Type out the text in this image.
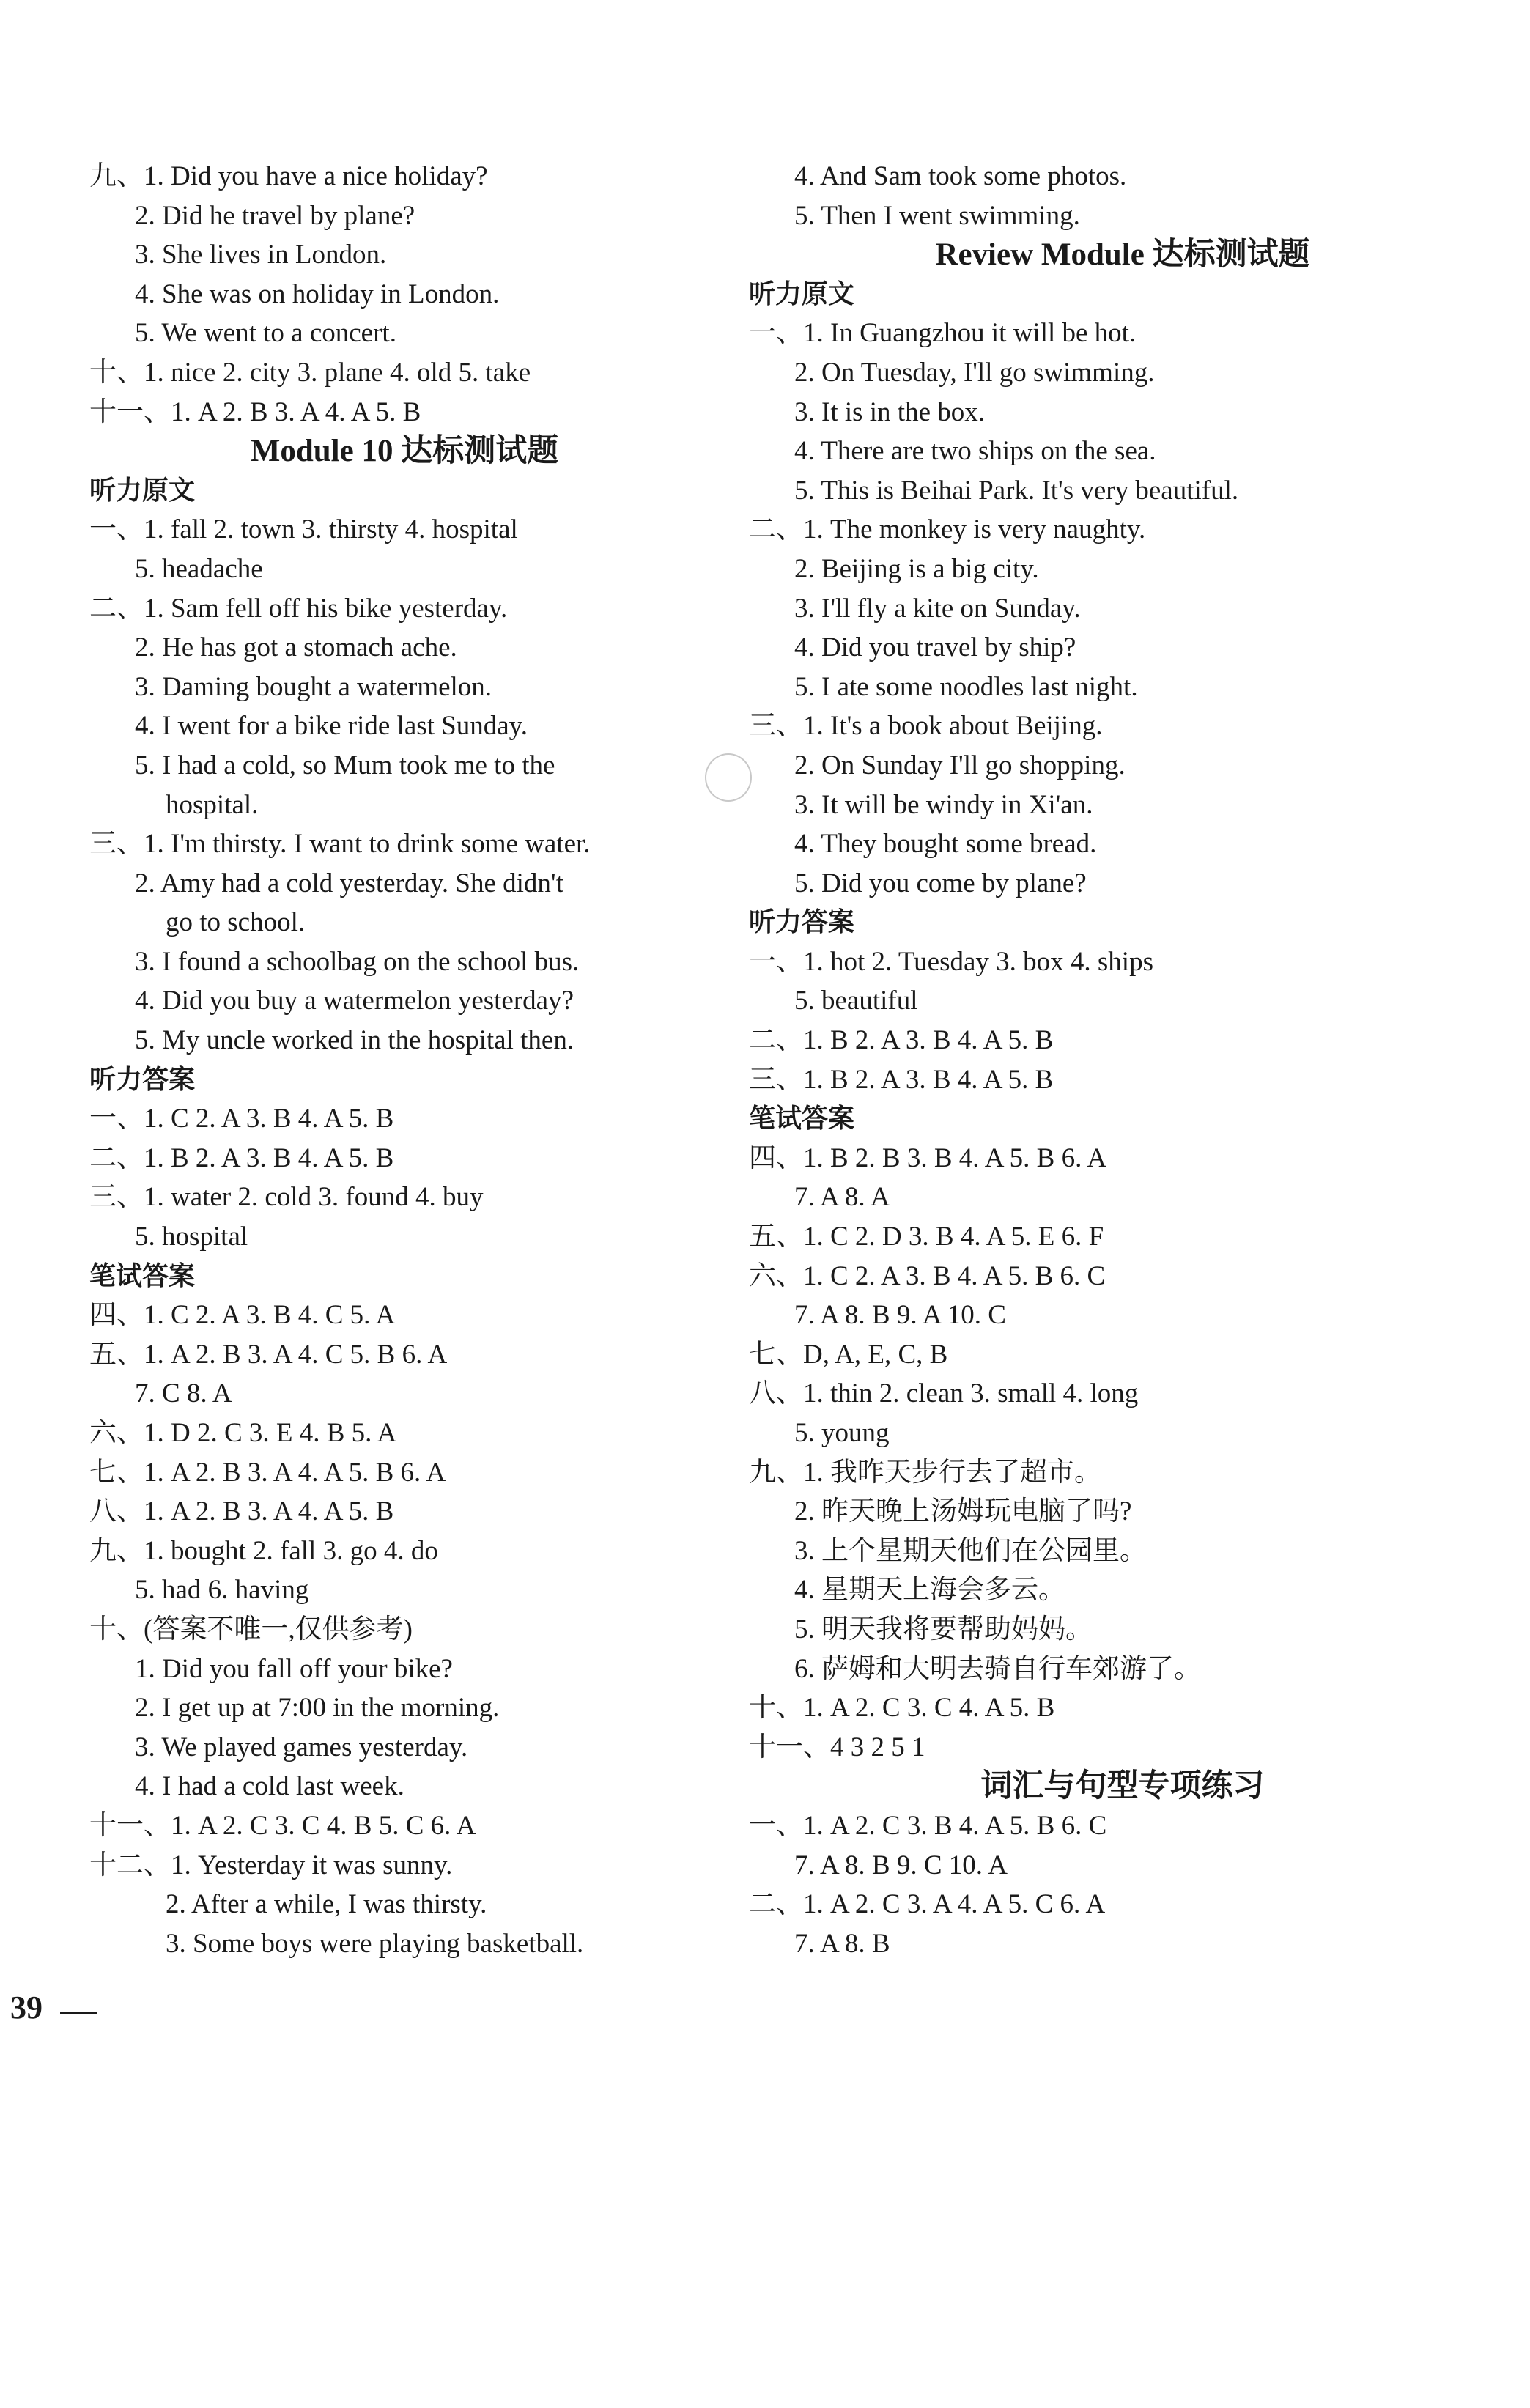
九、1. Did you have a nice holiday?
2. Did he travel by plane?
3. She lives in London.
4. She was on holiday in London.
5. We went to a concert.
十、1. nice 2. city 3. plane 4. old 5. take
十一、1. A 2. B 3. A 4. A 5. B
Module 10 达标测试题
听力原文
一、1. fall 2. town 3. thirsty 4. hospital
5. headache
二、1. Sam fell off his bike yesterday.
2. He has got a stomach ache.
3. Daming bought a watermelon.
4. I went for a bike ride last Sunday.
5. I had a cold, so Mum took me to the
hospital.
三、1. I'm thirsty. I want to drink some water.
2. Amy had a cold yesterday. She didn't
go to school.
3. I found a schoolbag on the school bus.
4. Did you buy a watermelon yesterday?
5. My uncle worked in the hospital then.
听力答案
一、1. C 2. A 3. B 4. A 5. B
二、1. B 2. A 3. B 4. A 5. B
三、1. water 2. cold 3. found 4. buy
5. hospital
笔试答案
四、1. C 2. A 3. B 4. C 5. A
五、1. A 2. B 3. A 4. C 5. B 6. A
7. C 8. A
六、1. D 2. C 3. E 4. B 5. A
七、1. A 2. B 3. A 4. A 5. B 6. A
八、1. A 2. B 3. A 4. A 5. B
九、1. bought 2. fall 3. go 4. do
5. had 6. having
十、(答案不唯一,仅供参考)
1. Did you fall off your bike?
2. I get up at 7:00 in the morning.
3. We played games yesterday.
4. I had a cold last week.
十一、1. A 2. C 3. C 4. B 5. C 6. A
十二、1. Yesterday it was sunny.
2. After a while, I was thirsty.
3. Some boys were playing basketball.
4. And Sam took some photos.
5. Then I went swimming.
Review Module 达标测试题
听力原文
一、1. In Guangzhou it will be hot.
2. On Tuesday, I'll go swimming.
3. It is in the box.
4. There are two ships on the sea.
5. This is Beihai Park. It's very beautiful.
二、1. The monkey is very naughty.
2. Beijing is a big city.
3. I'll fly a kite on Sunday.
4. Did you travel by ship?
5. I ate some noodles last night.
三、1. It's a book about Beijing.
2. On Sunday I'll go shopping.
3. It will be windy in Xi'an.
4. They bought some bread.
5. Did you come by plane?
听力答案
一、1. hot 2. Tuesday 3. box 4. ships
5. beautiful
二、1. B 2. A 3. B 4. A 5. B
三、1. B 2. A 3. B 4. A 5. B
笔试答案
四、1. B 2. B 3. B 4. A 5. B 6. A
7. A 8. A
五、1. C 2. D 3. B 4. A 5. E 6. F
六、1. C 2. A 3. B 4. A 5. B 6. C
7. A 8. B 9. A 10. C
七、D, A, E, C, B
八、1. thin 2. clean 3. small 4. long
5. young
九、1. 我昨天步行去了超市。
2. 昨天晚上汤姆玩电脑了吗?
3. 上个星期天他们在公园里。
4. 星期天上海会多云。
5. 明天我将要帮助妈妈。
6. 萨姆和大明去骑自行车郊游了。
十、1. A 2. C 3. C 4. A 5. B
十一、4 3 2 5 1
词汇与句型专项练习
一、1. A 2. C 3. B 4. A 5. B 6. C
7. A 8. B 9. C 10. A
二、1. A 2. C 3. A 4. A 5. C 6. A
7. A 8. B
39
